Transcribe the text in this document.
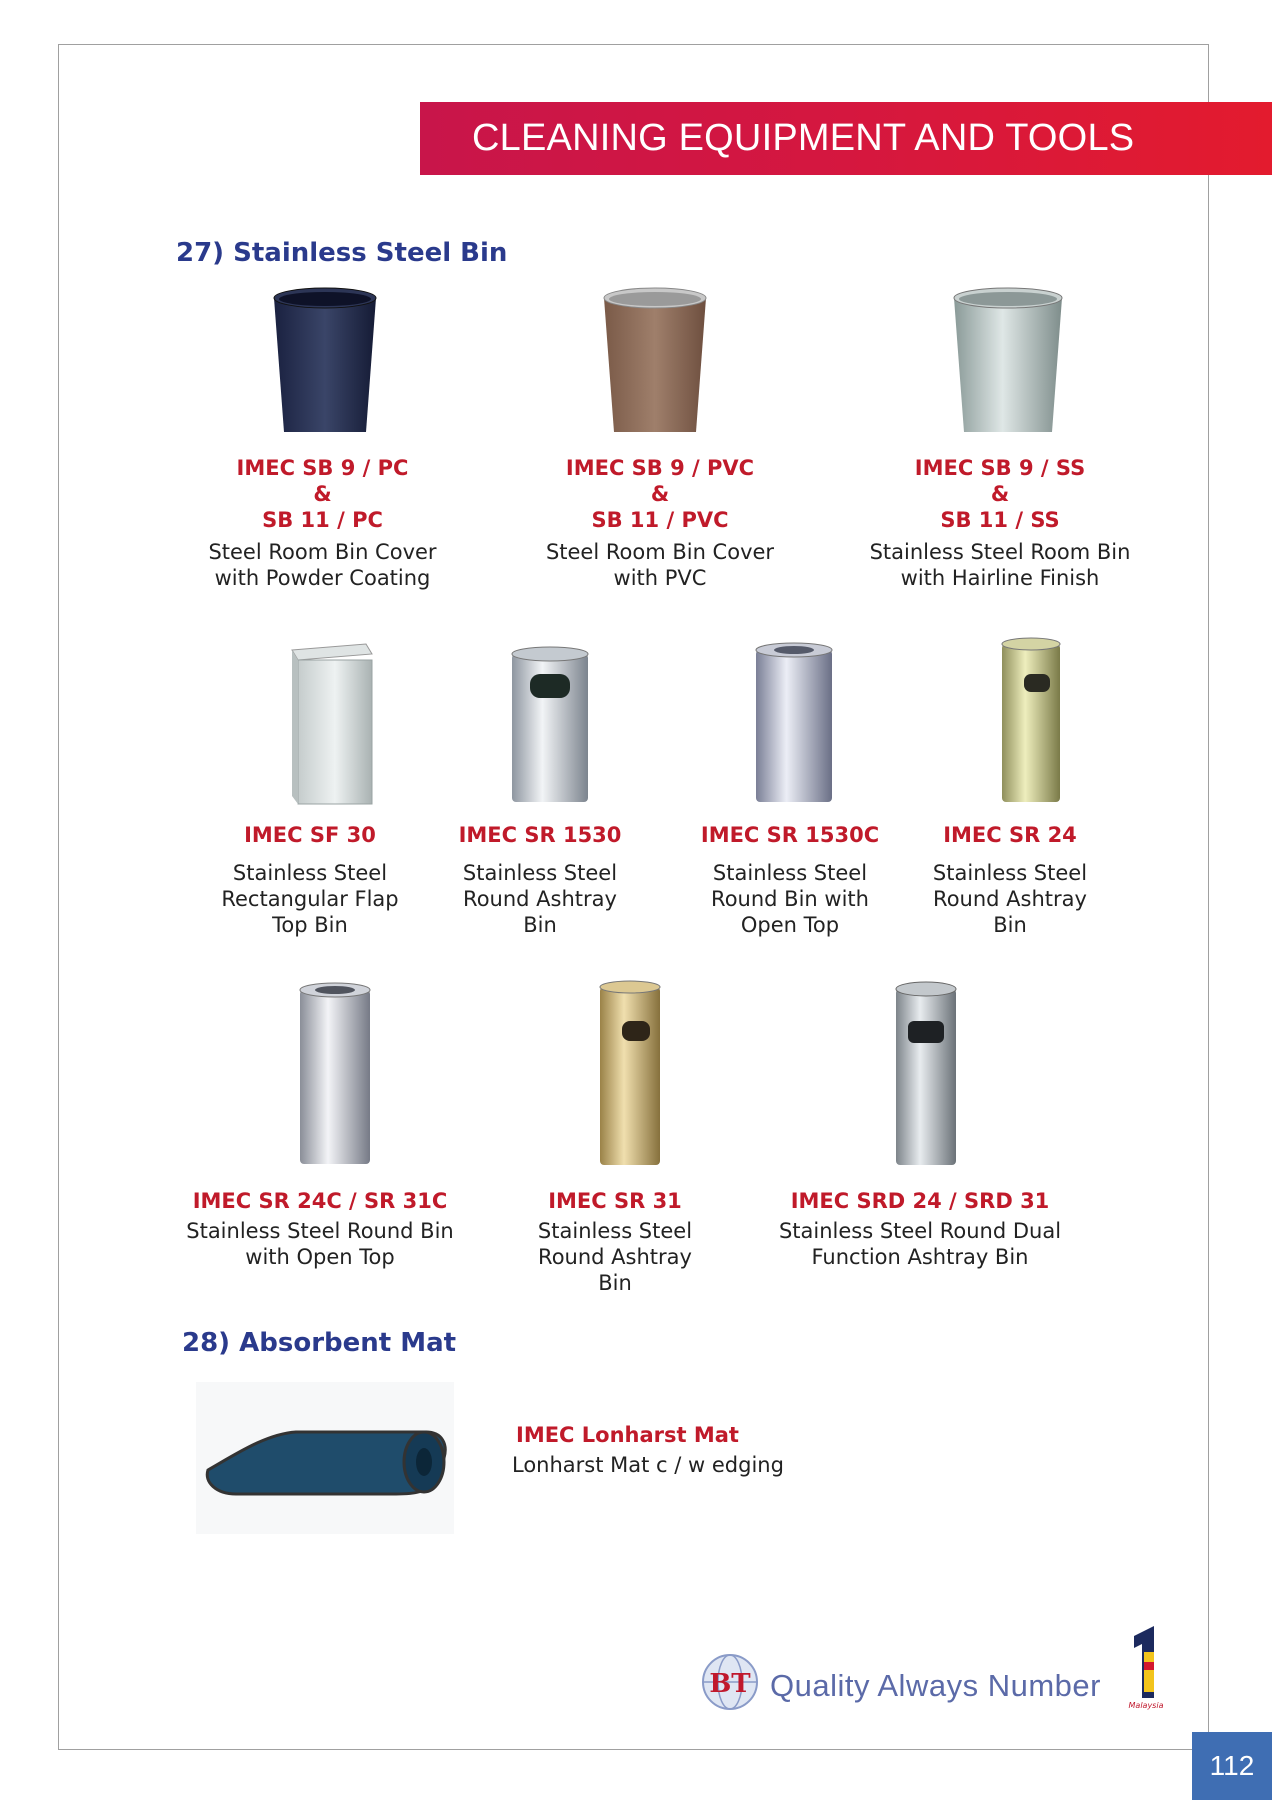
CLEANING EQUIPMENT AND TOOLS
27) Stainless Steel Bin
IMEC SB 9 / PC
&
SB 11 / PC
Steel Room Bin Cover
with Powder Coating
IMEC SB 9 / PVC
&
SB 11 / PVC
Steel Room Bin Cover
with PVC
IMEC SB 9 / SS
&
SB 11 / SS
Stainless Steel Room Bin
with Hairline Finish
IMEC SF 30
Stainless Steel
Rectangular Flap
Top Bin
IMEC SR 1530
Stainless Steel
Round Ashtray
Bin
IMEC SR 1530C
Stainless Steel
Round Bin with
Open Top
IMEC SR 24
Stainless Steel
Round Ashtray
Bin
IMEC SR 24C / SR 31C
Stainless Steel Round Bin
with Open Top
IMEC SR 31
Stainless Steel
Round Ashtray
Bin
IMEC SRD 24 / SRD 31
Stainless Steel Round Dual
Function Ashtray Bin
28) Absorbent Mat
IMEC Lonharst Mat
Lonharst Mat c / w edging
BT Quality Always Number
Malaysia
112
